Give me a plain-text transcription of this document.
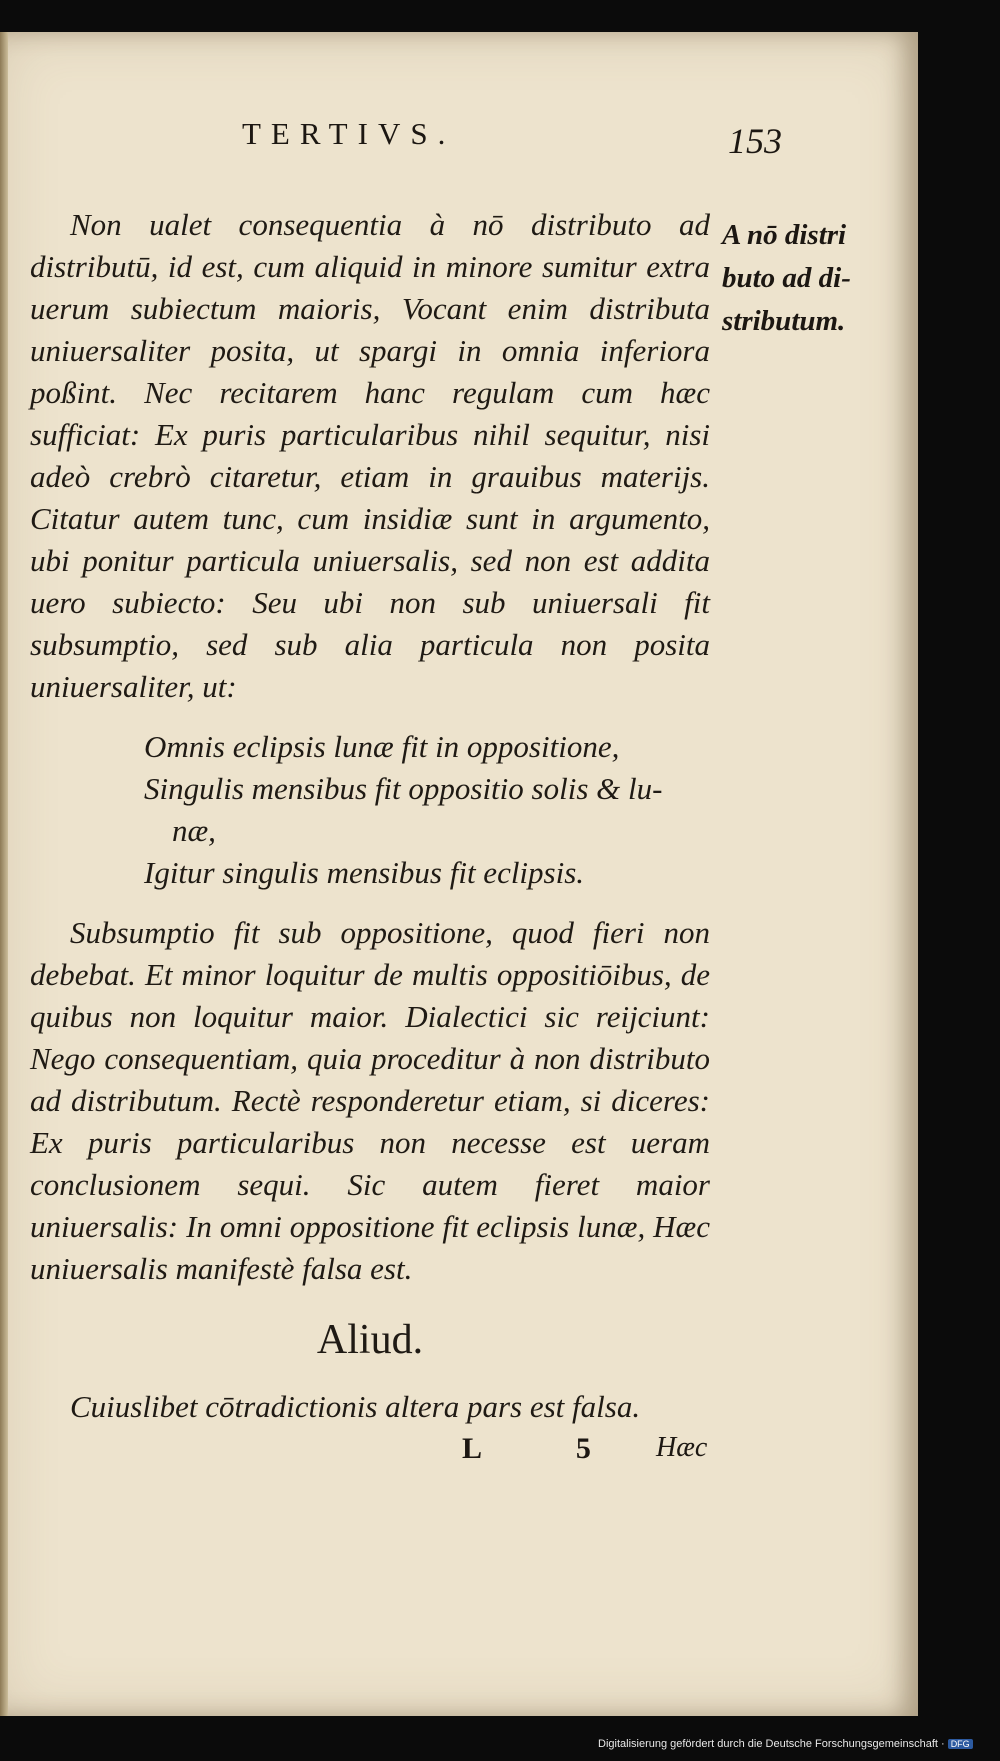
TERTIVS.	153
A nō distri
buto ad di-
stributum.

Non ualet consequentia à nō distributo ad distributū, id est, cum aliquid in minore sumitur extra uerum subiectum maioris, Vocant enim distributa uniuersaliter posita, ut spargi in omnia inferiora poßint. Nec recitarem hanc regulam cum hæc sufficiat: Ex puris particularibus nihil sequitur, nisi adeò crebrò citaretur, etiam in grauibus materijs. Citatur autem tunc, cum insidiæ sunt in argumento, ubi ponitur particula uniuersalis, sed non est addita uero subiecto: Seu ubi non sub uniuersali fit subsumptio, sed sub alia particula non posita uniuersaliter, ut:

Omnis eclipsis lunæ fit in oppositione,
Singulis mensibus fit oppositio solis & lu-
næ,
Igitur singulis mensibus fit eclipsis.

Subsumptio fit sub oppositione, quod fieri non debebat. Et minor loquitur de multis oppositiōibus, de quibus non loquitur maior. Dialectici sic reijciunt: Nego consequentiam, quia proceditur à non distributo ad distributum. Rectè responderetur etiam, si diceres: Ex puris particularibus non necesse est ueram conclusionem sequi. Sic autem fieret maior uniuersalis: In omni oppositione fit eclipsis lunæ, Hæc uniuersalis manifestè falsa est.

Aliud.

Cuiuslibet cōtradictionis altera pars est falsa.

L 5 Hæc
Digitalisierung gefördert durch die Deutsche Forschungsgemeinschaft · DFG
